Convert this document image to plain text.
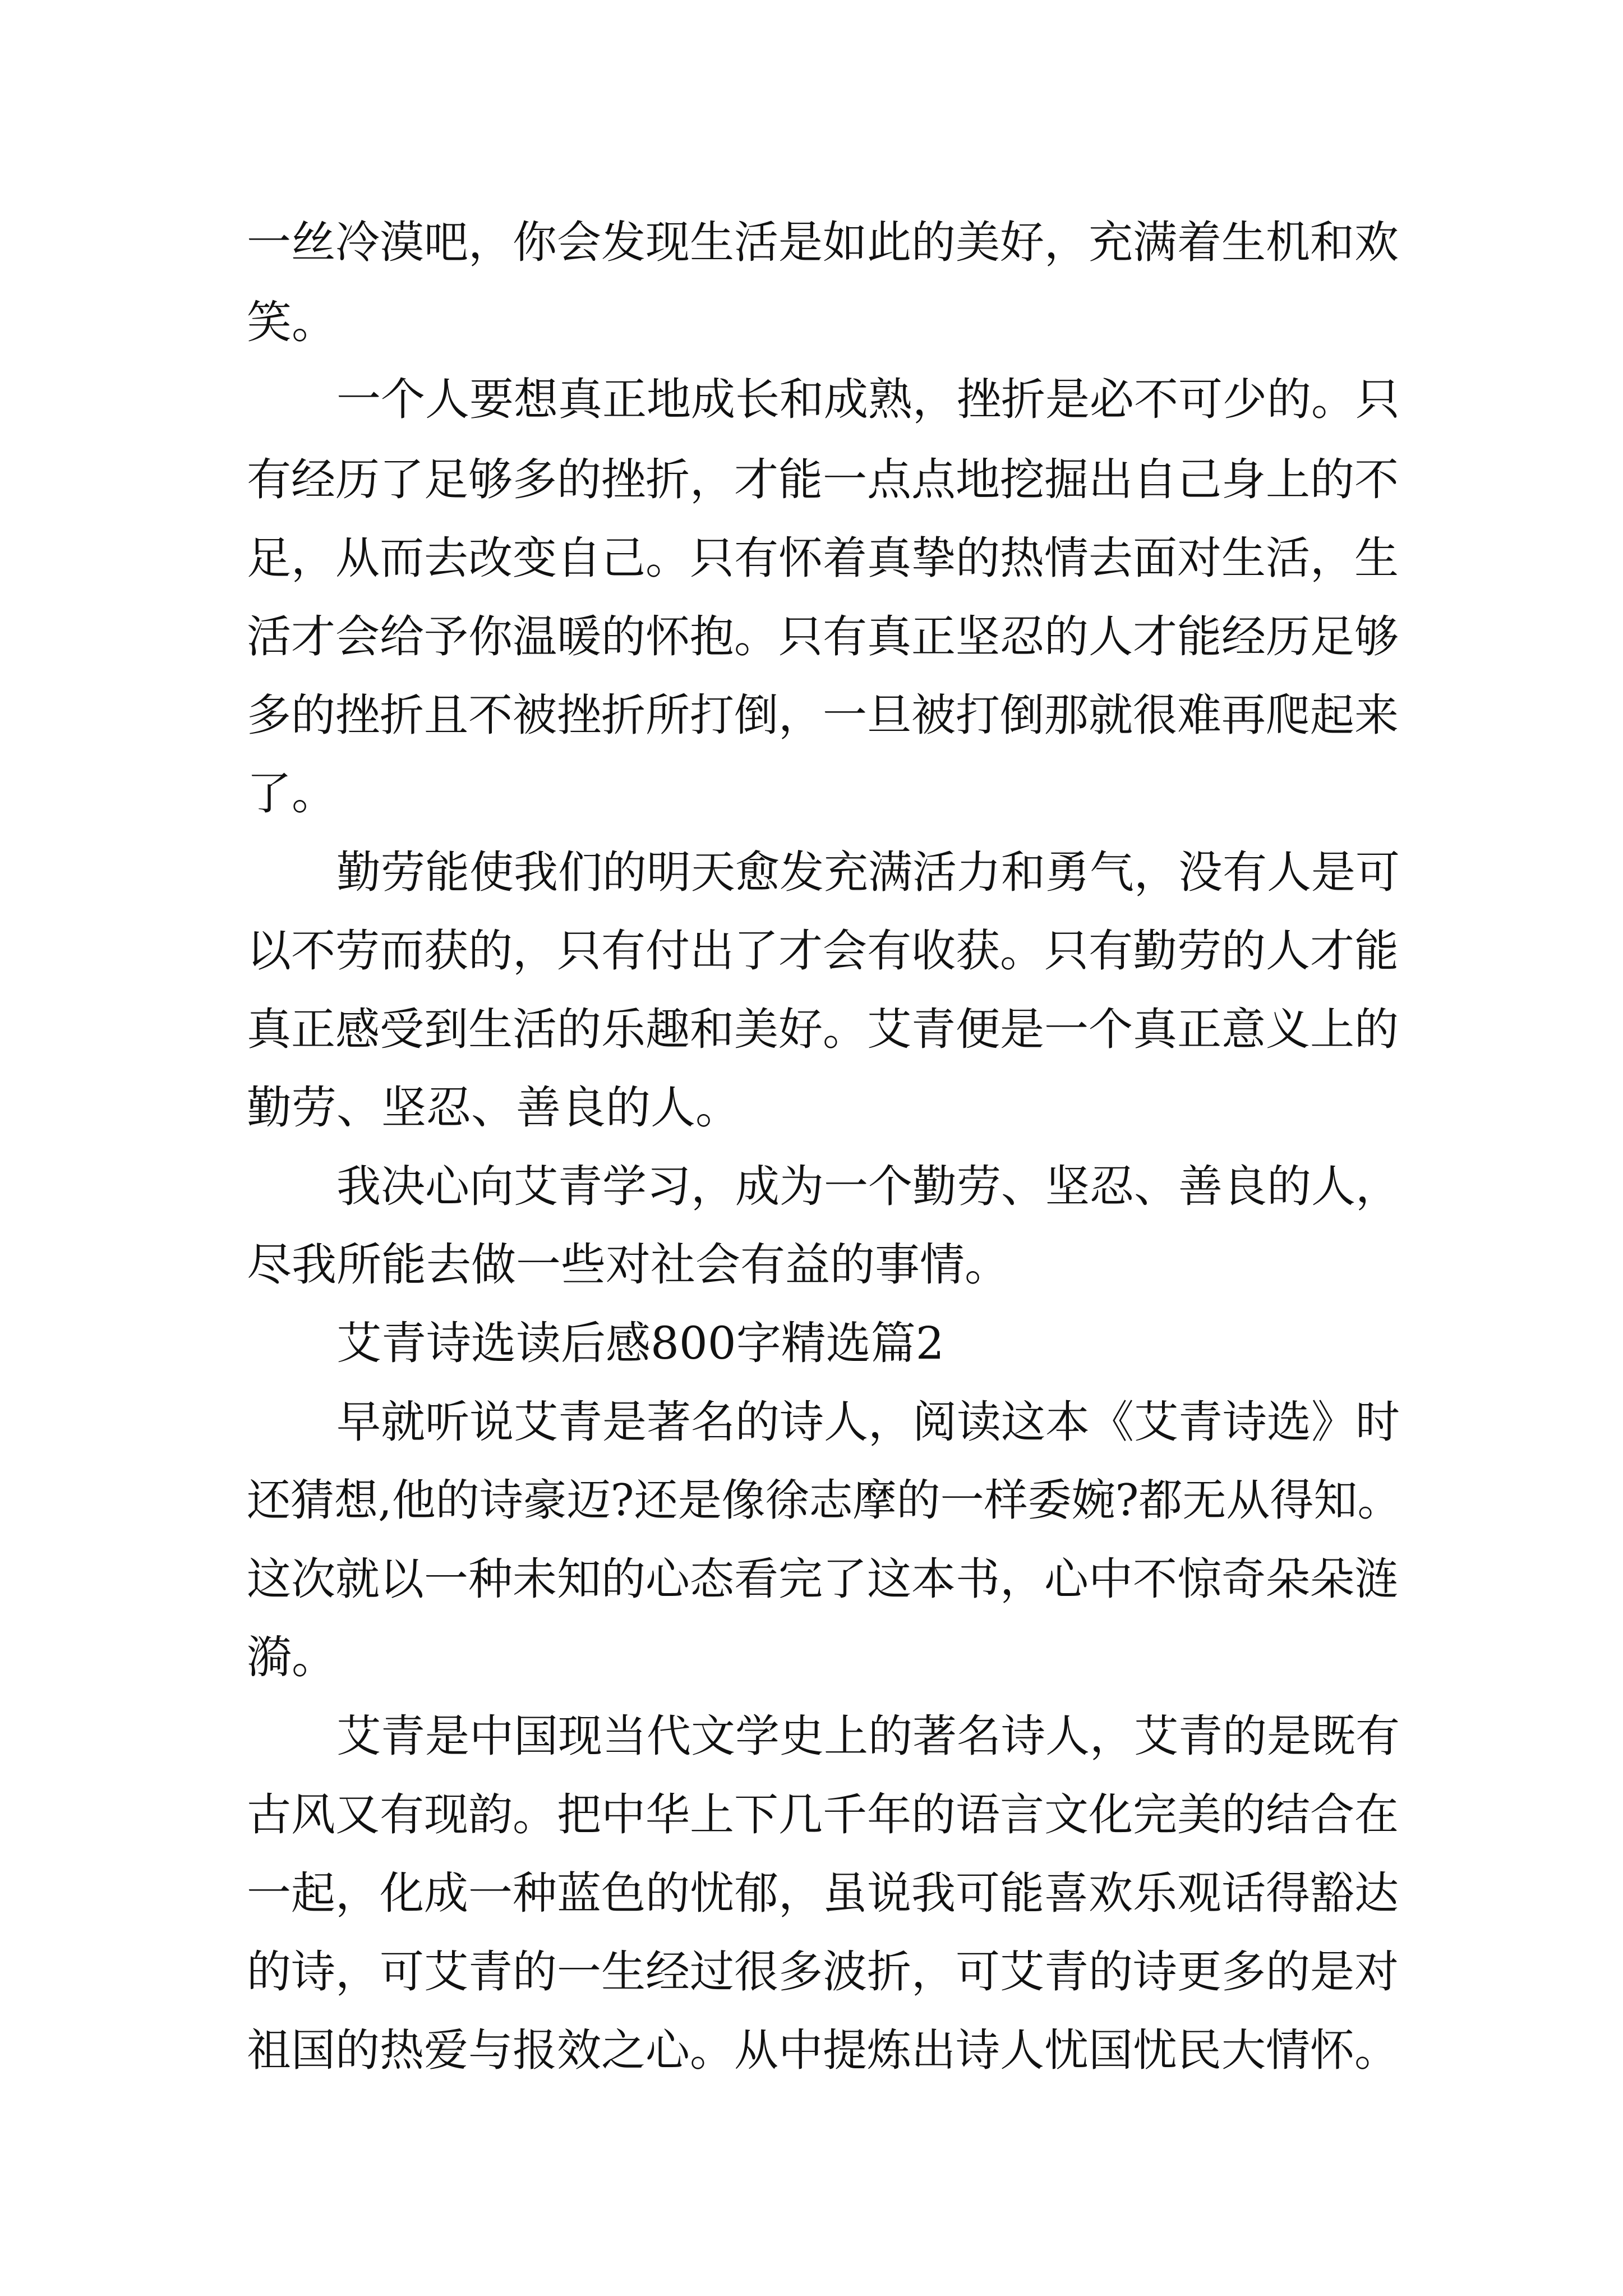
一丝冷漠吧，你会发现生活是如此的美好，充满着生机和欢

笑。

一个人要想真正地成长和成熟，挫折是必不可少的。只

有经历了足够多的挫折，才能一点点地挖掘出自己身上的不

足，从而去改变自己。只有怀着真挚的热情去面对生活，生

活才会给予你温暖的怀抱。只有真正坚忍的人才能经历足够

多的挫折且不被挫折所打倒，一旦被打倒那就很难再爬起来

了。

勤劳能使我们的明天愈发充满活力和勇气，没有人是可

以不劳而获的，只有付出了才会有收获。只有勤劳的人才能

真正感受到生活的乐趣和美好。艾青便是一个真正意义上的

勤劳、坚忍、善良的人。

我决心向艾青学习，成为一个勤劳、坚忍、善良的人，

尽我所能去做一些对社会有益的事情。

艾青诗选读后感800字精选篇2

早就听说艾青是著名的诗人，阅读这本《艾青诗选》时

还猜想,他的诗豪迈?还是像徐志摩的一样委婉?都无从得知。

这次就以一种未知的心态看完了这本书，心中不惊奇朵朵涟

漪。

艾青是中国现当代文学史上的著名诗人，艾青的是既有

古风又有现韵。把中华上下几千年的语言文化完美的结合在

一起，化成一种蓝色的忧郁，虽说我可能喜欢乐观话得豁达

的诗，可艾青的一生经过很多波折，可艾青的诗更多的是对

祖国的热爱与报效之心。从中提炼出诗人忧国忧民大情怀。
